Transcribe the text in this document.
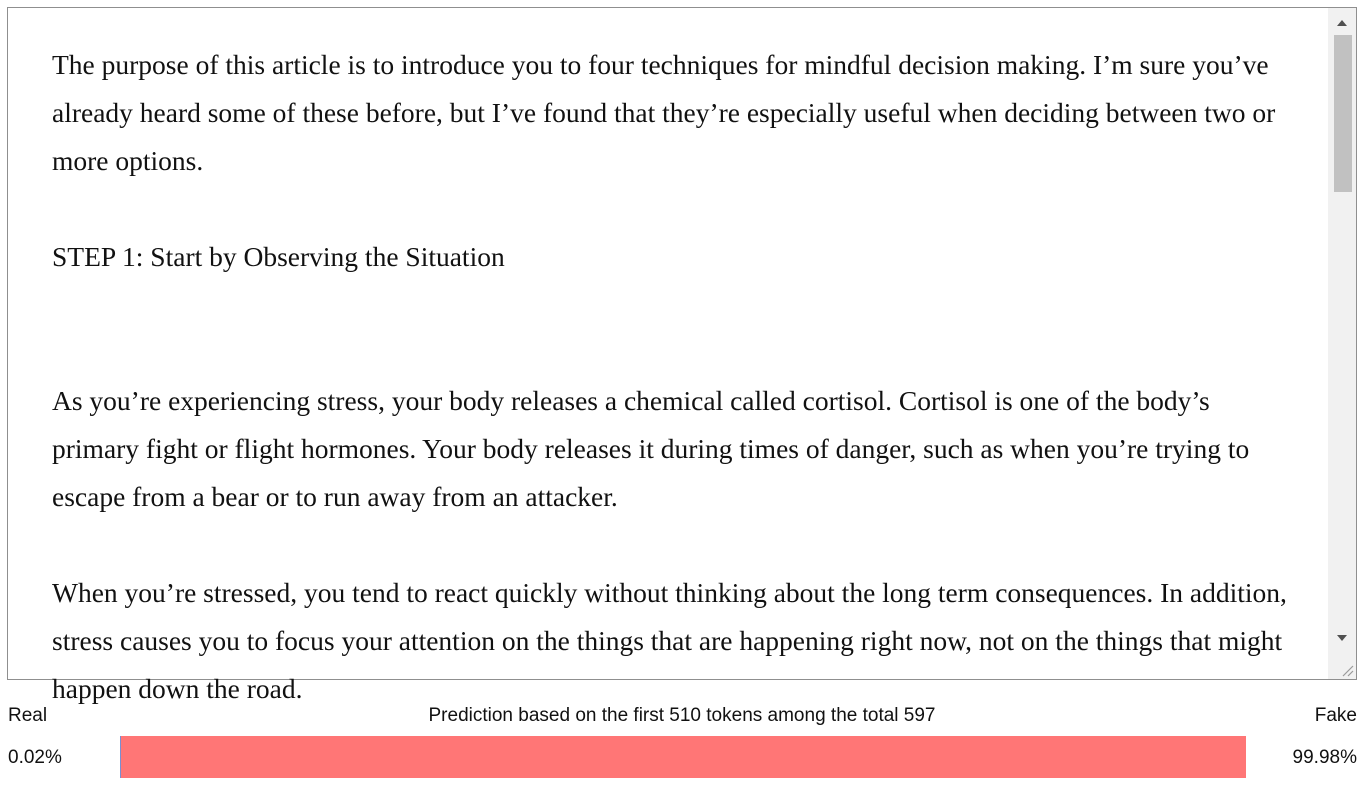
The purpose of this article is to introduce you to four techniques for mindful decision making. I’m sure you’ve already heard some of these before, but I’ve found that they’re especially useful when deciding between two or more options.

STEP 1: Start by Observing the Situation

As you’re experiencing stress, your body releases a chemical called cortisol. Cortisol is one of the body’s primary fight or flight hormones. Your body releases it during times of danger, such as when you’re trying to escape from a bear or to run away from an attacker.

When you’re stressed, you tend to react quickly without thinking about the long term consequences. In addition, stress causes you to focus your attention on the things that are happening right now, not on the things that might happen down the road.

Real	Prediction based on the first 510 tokens among the total 597	Fake
0.02%	99.98%
